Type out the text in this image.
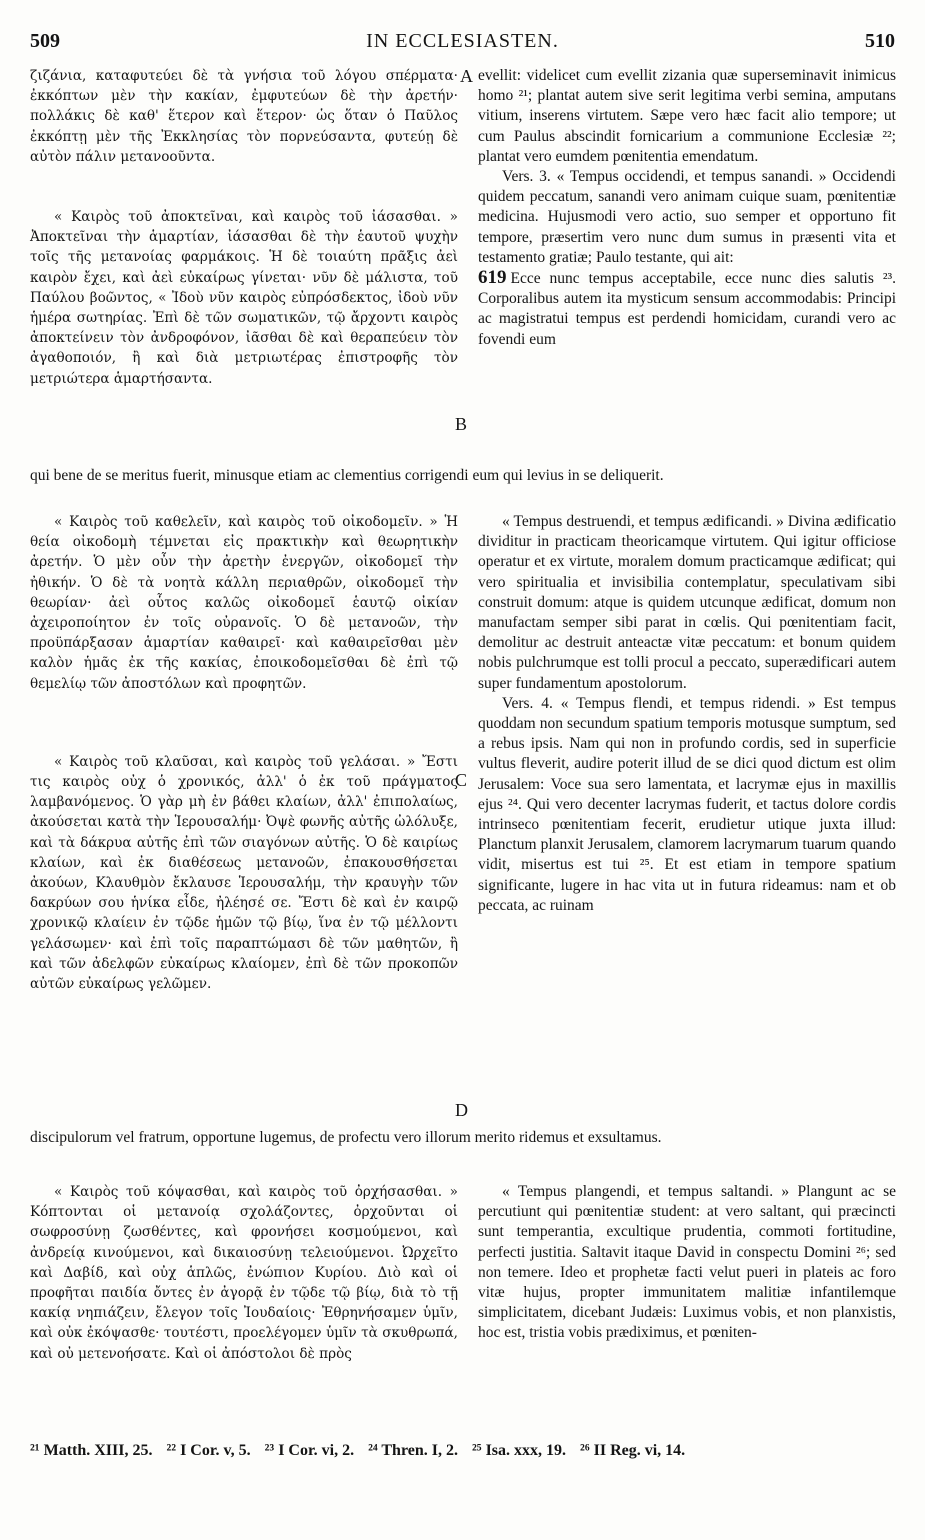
IN ECCLESIASTEN.
509	510

ζιζάνια, καταφυτεύει δὲ τὰ γνήσια τοῦ λόγου σπέρματα· ἐκκόπτων μὲν τὴν κακίαν, ἐμφυτεύων δὲ τὴν ἀρετήν· πολλάκις δὲ καθ' ἕτερον καὶ ἕτερον· ὡς ὅταν ὁ Παῦλος ἐκκόπτῃ μὲν τῆς Ἐκκλησίας τὸν πορνεύσαντα, φυτεύῃ δὲ αὐτὸν πάλιν μετανοοῦντα.

« Καιρὸς τοῦ ἀποκτεῖναι, καὶ καιρὸς τοῦ ἰάσασθαι. » Ἀποκτεῖναι τὴν ἁμαρτίαν, ἰάσασθαι δὲ τὴν ἑαυτοῦ ψυχὴν τοῖς τῆς μετανοίας φαρμάκοις. Ἡ δὲ τοιαύτη πρᾶξις ἀεὶ καιρὸν ἔχει, καὶ ἀεὶ εὐκαίρως γίνεται· νῦν δὲ μάλιστα, τοῦ Παύλου βοῶντος, « Ἰδοὺ νῦν καιρὸς εὐπρόσδεκτος, ἰδοὺ νῦν ἡμέρα σωτηρίας. Ἐπὶ δὲ τῶν σωματικῶν, τῷ ἄρχοντι καιρὸς ἀποκτείνειν τὸν ἀνδροφόνον, ἰᾶσθαι δὲ καὶ θεραπεύειν τὸν ἀγαθοποιόν, ἢ καὶ διὰ μετριωτέρας ἐπιστροφῆς τὸν μετριώτερα ἁμαρτήσαντα.

A
B

evellit: videlicet cum evellit zizania quæ superseminavit inimicus homo ²¹; plantat autem sive serit legitima verbi semina, amputans vitium, inserens virtutem. Sæpe vero hæc facit alio tempore; ut cum Paulus abscindit fornicarium a communione Ecclesiæ ²²; plantat vero eumdem pœnitentia emendatum.

Vers. 3. « Tempus occidendi, et tempus sanandi. » Occidendi quidem peccatum, sanandi vero animam cuique suam, pœnitentiæ medicina. Hujusmodi vero actio, suo semper et opportuno fit tempore, præsertim vero nunc dum sumus in præsenti vita et testamento gratiæ; Paulo testante, qui ait:

619 Ecce nunc tempus acceptabile, ecce nunc dies salutis ²³. Corporalibus autem ita mysticum sensum accommodabis: Principi ac magistratui tempus est perdendi homicidam, curandi vero ac fovendi eum

qui bene de se meritus fuerit, minusque etiam ac clementius corrigendi eum qui levius in se deliquerit.

« Καιρὸς τοῦ καθελεῖν, καὶ καιρὸς τοῦ οἰκοδομεῖν. » Ἡ θεία οἰκοδομὴ τέμνεται εἰς πρακτικὴν καὶ θεωρητικὴν ἀρετήν. Ὁ μὲν οὖν τὴν ἀρετὴν ἐνεργῶν, οἰκοδομεῖ τὴν ἠθικήν. Ὁ δὲ τὰ νοητὰ κάλλη περιαθρῶν, οἰκοδομεῖ τὴν θεωρίαν· ἀεὶ οὗτος καλῶς οἰκοδομεῖ ἑαυτῷ οἰκίαν ἀχειροποίητον ἐν τοῖς οὐρανοῖς. Ὁ δὲ μετανοῶν, τὴν προϋπάρξασαν ἁμαρτίαν καθαιρεῖ· καὶ καθαιρεῖσθαι μὲν καλὸν ἡμᾶς ἐκ τῆς κακίας, ἐποικοδομεῖσθαι δὲ ἐπὶ τῷ θεμελίῳ τῶν ἀποστόλων καὶ προφητῶν.

« Καιρὸς τοῦ κλαῦσαι, καὶ καιρὸς τοῦ γελάσαι. » Ἔστι τις καιρὸς οὐχ ὁ χρονικός, ἀλλ' ὁ ἐκ τοῦ πράγματος λαμβανόμενος. Ὁ γὰρ μὴ ἐν βάθει κλαίων, ἀλλ' ἐπιπολαίως, ἀκούσεται κατὰ τὴν Ἱερουσαλήμ· Ὀψὲ φωνῆς αὐτῆς ὠλόλυξε, καὶ τὰ δάκρυα αὐτῆς ἐπὶ τῶν σιαγόνων αὐτῆς. Ὁ δὲ καιρίως κλαίων, καὶ ἐκ διαθέσεως μετανοῶν, ἐπακουσθήσεται ἀκούων, Κλαυθμὸν ἔκλαυσε Ἱερουσαλήμ, τὴν κραυγὴν τῶν δακρύων σου ἡνίκα εἶδε, ἠλέησέ σε. Ἔστι δὲ καὶ ἐν καιρῷ χρονικῷ κλαίειν ἐν τῷδε ἡμῶν τῷ βίῳ, ἵνα ἐν τῷ μέλλοντι γελάσωμεν· καὶ ἐπὶ τοῖς παραπτώμασι δὲ τῶν μαθητῶν, ἢ καὶ τῶν ἀδελφῶν εὐκαίρως κλαίομεν, ἐπὶ δὲ τῶν προκοπῶν αὐτῶν εὐκαίρως γελῶμεν.

C
D

« Tempus destruendi, et tempus ædificandi. » Divina ædificatio dividitur in practicam theoricamque virtutem. Qui igitur officiose operatur et ex virtute, moralem domum practicamque ædificat; qui vero spiritualia et invisibilia contemplatur, speculativam sibi construit domum: atque is quidem utcunque ædificat, domum non manufactam semper sibi parat in cœlis. Qui pœnitentiam facit, demolitur ac destruit anteactæ vitæ peccatum: et bonum quidem nobis pulchrumque est tolli procul a peccato, superædificari autem super fundamentum apostolorum.

Vers. 4. « Tempus flendi, et tempus ridendi. » Est tempus quoddam non secundum spatium temporis motusque sumptum, sed a rebus ipsis. Nam qui non in profundo cordis, sed in superficie vultus fleverit, audire poterit illud de se dici quod dictum est olim Jerusalem: Voce sua sero lamentata, et lacrymæ ejus in maxillis ejus ²⁴. Qui vero decenter lacrymas fuderit, et tactus dolore cordis intrinseco pœnitentiam fecerit, erudietur utique juxta illud: Planctum planxit Jerusalem, clamorem lacrymarum tuarum quando vidit, misertus est tui ²⁵. Et est etiam in tempore spatium significante, lugere in hac vita ut in futura rideamus: nam et ob peccata, ac ruinam

discipulorum vel fratrum, opportune lugemus, de profectu vero illorum merito ridemus et exsultamus.

« Καιρὸς τοῦ κόψασθαι, καὶ καιρὸς τοῦ ὀρχήσασθαι. » Κόπτονται οἱ μετανοίᾳ σχολάζοντες, ὀρχοῦνται οἱ σωφροσύνῃ ζωσθέντες, καὶ φρονήσει κοσμούμενοι, καὶ ἀνδρείᾳ κινούμενοι, καὶ δικαιοσύνῃ τελειούμενοι. Ὠρχεῖτο καὶ Δαβίδ, καὶ οὐχ ἁπλῶς, ἐνώπιον Κυρίου. Διὸ καὶ οἱ προφῆται παιδία ὄντες ἐν ἀγορᾷ ἐν τῷδε τῷ βίῳ, διὰ τὸ τῇ κακίᾳ νηπιάζειν, ἔλεγον τοῖς Ἰουδαίοις· Ἐθρηνήσαμεν ὑμῖν, καὶ οὐκ ἐκόψασθε· τουτέστι, προελέγομεν ὑμῖν τὰ σκυθρωπά, καὶ οὐ μετενοήσατε. Καὶ οἱ ἀπόστολοι δὲ πρὸς

« Tempus plangendi, et tempus saltandi. » Plangunt ac se percutiunt qui pœnitentiæ student: at vero saltant, qui præcincti sunt temperantia, excultique prudentia, commoti fortitudine, perfecti justitia. Saltavit itaque David in conspectu Domini ²⁶; sed non temere. Ideo et prophetæ facti velut pueri in plateis ac foro vitæ hujus, propter immunitatem malitiæ infantilemque simplicitatem, dicebant Judæis: Luximus vobis, et non planxistis, hoc est, tristia vobis prædiximus, et pœniten-

²¹ Matth. XIII, 25. ²² I Cor. v, 5. ²³ I Cor. vi, 2. ²⁴ Thren. I, 2. ²⁵ Isa. xxx, 19. ²⁶ II Reg. vi, 14.
